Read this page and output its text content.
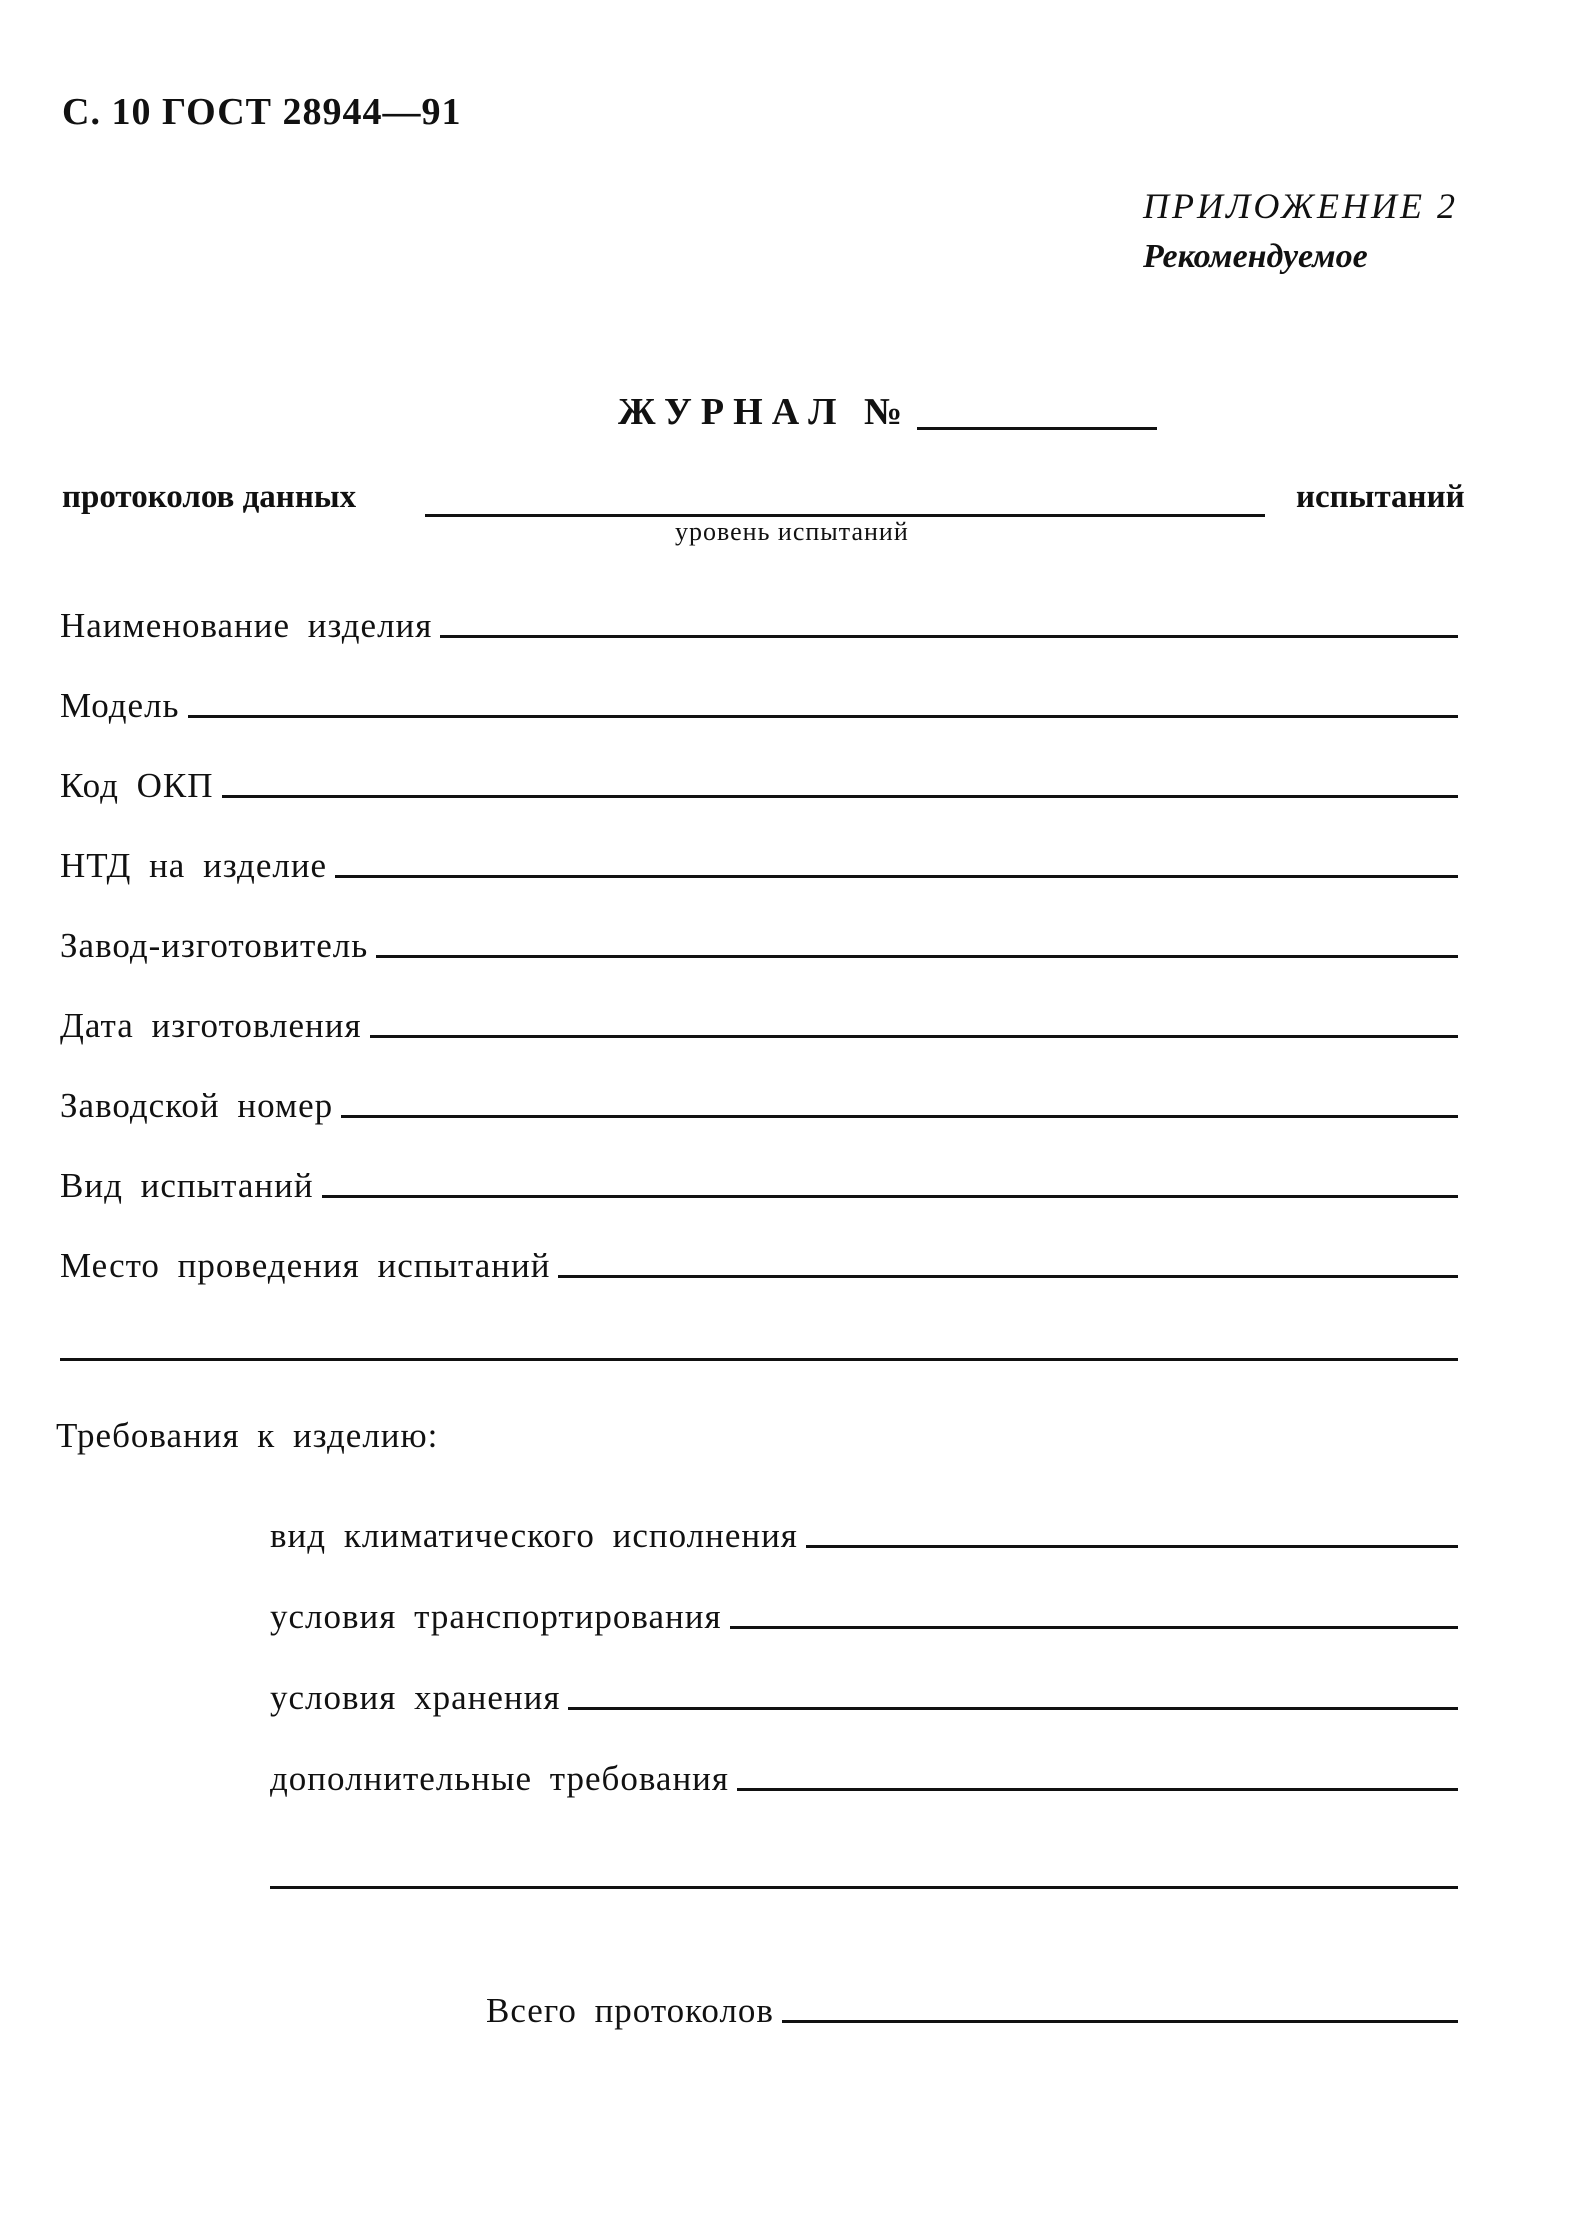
С. 10 ГОСТ 28944—91

ПРИЛОЖЕНИЕ 2

Рекомендуемое

ЖУРНАЛ №

протоколов данных	испытаний

уровень испытаний

Наименование изделия
Модель
Код ОКП
НТД на изделие
Завод-изготовитель
Дата изготовления
Заводской номер
Вид испытаний
Место проведения испытаний

Требования к изделию:

вид климатического исполнения
условия транспортирования
условия хранения
дополнительные требования
Всего протоколов
